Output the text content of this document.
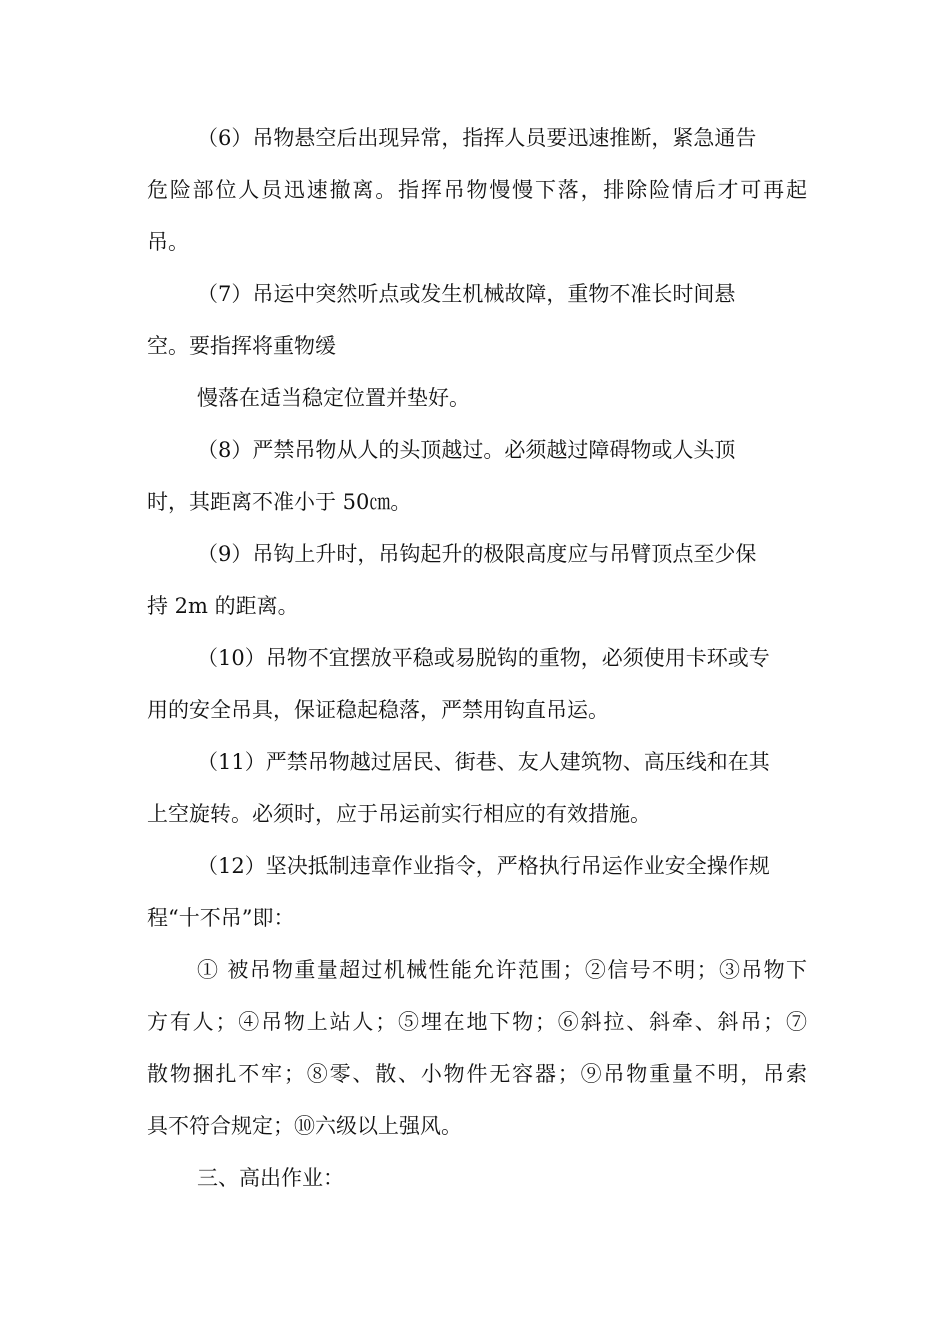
（6）吊物悬空后出现异常，指挥人员要迅速推断，紧急通告
危险部位人员迅速撤离。指挥吊物慢慢下落，排除险情后才可再起
吊。
（7）吊运中突然听点或发生机械故障，重物不准长时间悬
空。要指挥将重物缓
慢落在适当稳定位置并垫好。
（8）严禁吊物从人的头顶越过。必须越过障碍物或人头顶
时，其距离不准小于 50㎝。
（9）吊钩上升时，吊钩起升的极限高度应与吊臂顶点至少保
持 2m 的距离。
（10）吊物不宜摆放平稳或易脱钩的重物，必须使用卡环或专
用的安全吊具，保证稳起稳落，严禁用钩直吊运。
（11）严禁吊物越过居民、街巷、友人建筑物、高压线和在其
上空旋转。必须时，应于吊运前实行相应的有效措施。
（12）坚决抵制违章作业指令，严格执行吊运作业安全操作规
程“十不吊”即：
① 被吊物重量超过机械性能允许范围；②信号不明；③吊物下
方有人；④吊物上站人；⑤埋在地下物；⑥斜拉、斜牵、斜吊；⑦
散物捆扎不牢；⑧零、散、小物件无容器；⑨吊物重量不明，吊索
具不符合规定；⑩六级以上强风。
三、高出作业：
